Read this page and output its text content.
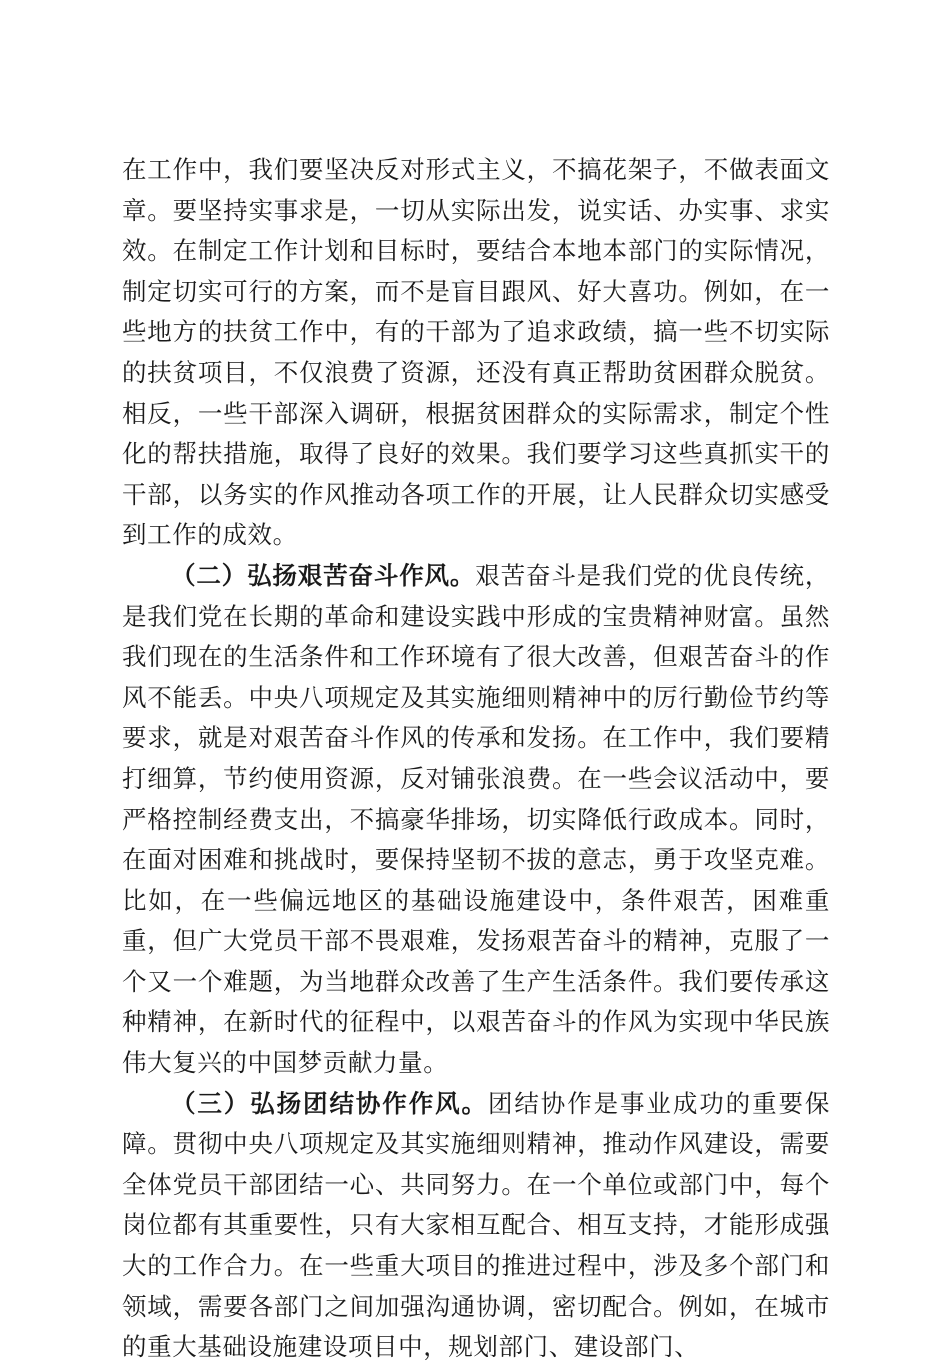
在工作中，我们要坚决反对形式主义，不搞花架子，不做表面文章。要坚持实事求是，一切从实际出发，说实话、办实事、求实效。在制定工作计划和目标时，要结合本地本部门的实际情况，制定切实可行的方案，而不是盲目跟风、好大喜功。例如，在一些地方的扶贫工作中，有的干部为了追求政绩，搞一些不切实际的扶贫项目，不仅浪费了资源，还没有真正帮助贫困群众脱贫。相反，一些干部深入调研，根据贫困群众的实际需求，制定个性化的帮扶措施，取得了良好的效果。我们要学习这些真抓实干的干部，以务实的作风推动各项工作的开展，让人民群众切实感受到工作的成效。

（二）弘扬艰苦奋斗作风。艰苦奋斗是我们党的优良传统，是我们党在长期的革命和建设实践中形成的宝贵精神财富。虽然我们现在的生活条件和工作环境有了很大改善，但艰苦奋斗的作风不能丢。中央八项规定及其实施细则精神中的厉行勤俭节约等要求，就是对艰苦奋斗作风的传承和发扬。在工作中，我们要精打细算，节约使用资源，反对铺张浪费。在一些会议活动中，要严格控制经费支出，不搞豪华排场，切实降低行政成本。同时，在面对困难和挑战时，要保持坚韧不拔的意志，勇于攻坚克难。比如，在一些偏远地区的基础设施建设中，条件艰苦，困难重重，但广大党员干部不畏艰难，发扬艰苦奋斗的精神，克服了一个又一个难题，为当地群众改善了生产生活条件。我们要传承这种精神，在新时代的征程中，以艰苦奋斗的作风为实现中华民族伟大复兴的中国梦贡献力量。

（三）弘扬团结协作作风。团结协作是事业成功的重要保障。贯彻中央八项规定及其实施细则精神，推动作风建设，需要全体党员干部团结一心、共同努力。在一个单位或部门中，每个岗位都有其重要性，只有大家相互配合、相互支持，才能形成强大的工作合力。在一些重大项目的推进过程中，涉及多个部门和领域，需要各部门之间加强沟通协调，密切配合。例如，在城市的重大基础设施建设项目中，规划部门、建设部门、
